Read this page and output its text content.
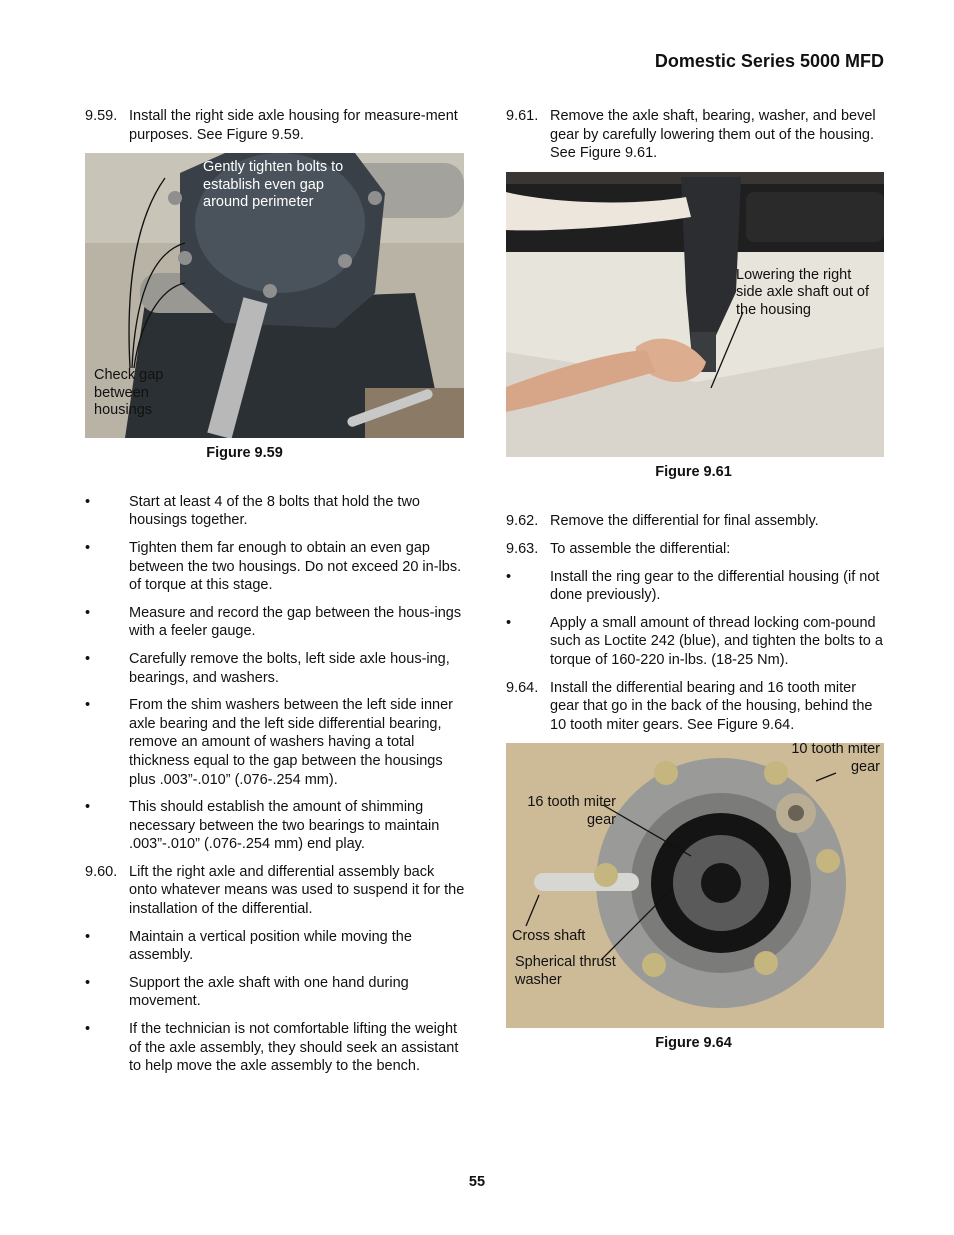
Domestic Series 5000 MFD
9.59. Install the right side axle housing for measure-ment purposes. See Figure 9.59.
Gently tighten bolts to establish even gap around perimeter
Check gap between housings
Figure 9.59
•	Start at least 4 of the 8 bolts that hold the two housings together.
•	Tighten them far enough to obtain an even gap between the two housings. Do not exceed 20 in-lbs. of torque at this stage.
•	Measure and record the gap between the hous-ings with a feeler gauge.
•	Carefully remove the bolts, left side axle hous-ing, bearings, and washers.
•	From the shim washers between the left side inner axle bearing and the left side differential bearing, remove an amount of washers having a total thickness equal to the gap between the housings plus .003”-.010” (.076-.254 mm).
•	This should establish the amount of shimming necessary between the two bearings to maintain .003”-.010” (.076-.254 mm) end play.
9.60. Lift the right axle and differential assembly back onto whatever means was used to suspend it for the installation of the differential.
•	Maintain a vertical position while moving the assembly.
•	Support the axle shaft with one hand during movement.
•	If the technician is not comfortable lifting the weight of the axle assembly, they should seek an assistant to help move the axle assembly to the bench.
9.61. Remove the axle shaft, bearing, washer, and bevel gear by carefully lowering them out of the housing. See Figure 9.61.
Lowering the right side axle shaft out of the housing
Figure 9.61
9.62. Remove the differential for final assembly.
9.63. To assemble the differential:
•	Install the ring gear to the differential housing (if not done previously).
•	Apply a small amount of thread locking com-pound such as Loctite 242 (blue), and tighten the bolts to a torque of 160-220 in-lbs. (18-25 Nm).
9.64. Install the differential bearing and 16 tooth miter gear that go in the back of the housing, behind the 10 tooth miter gears. See Figure 9.64.
10 tooth miter gear
16 tooth miter gear
Cross shaft
Spherical thrust washer
Figure 9.64
55
